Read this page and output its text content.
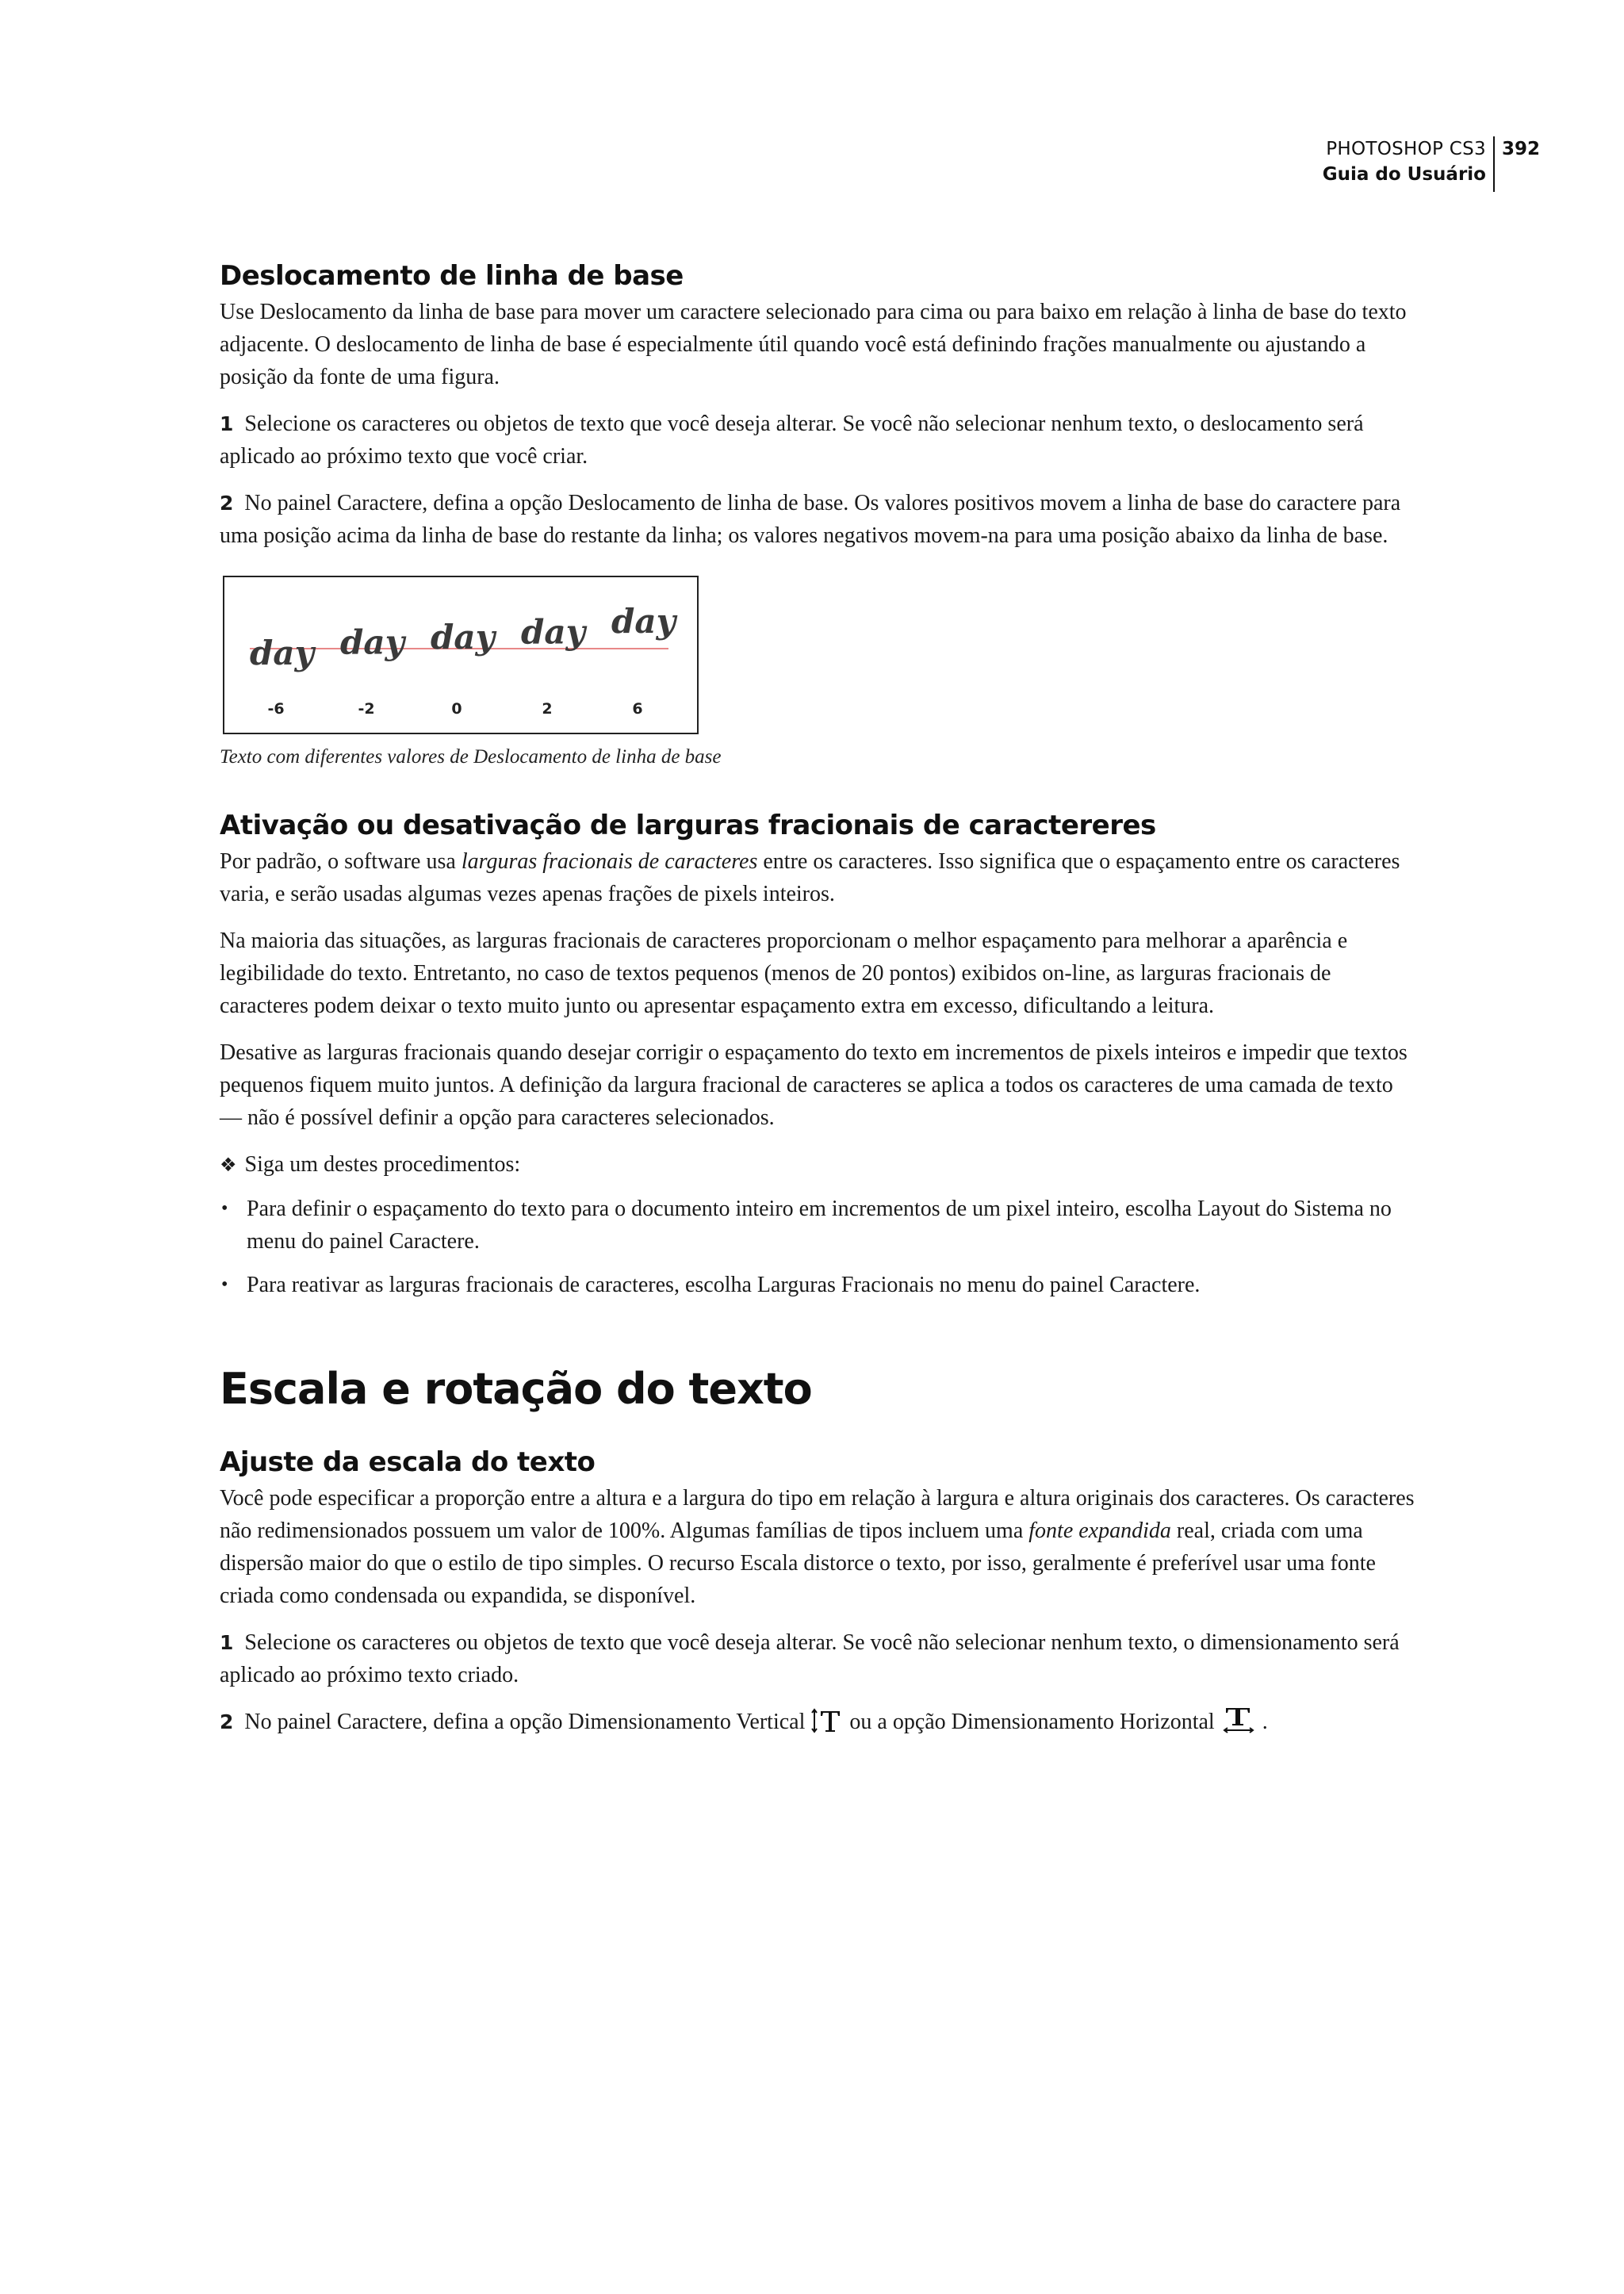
PHOTOSHOP CS3
Guia do Usuário
392
Deslocamento de linha de base

Use Deslocamento da linha de base para mover um caractere selecionado para cima ou para baixo em relação à linha de base do texto adjacente. O deslocamento de linha de base é especialmente útil quando você está definindo frações manualmente ou ajustando a posição da fonte de uma figura.

1 Selecione os caracteres ou objetos de texto que você deseja alterar. Se você não selecionar nenhum texto, o deslocamento será aplicado ao próximo texto que você criar.

2 No painel Caractere, defina a opção Deslocamento de linha de base. Os valores positivos movem a linha de base do caractere para uma posição acima da linha de base do restante da linha; os valores negativos movem-na para uma posição abaixo da linha de base.

day
-6
day
-2
day
0
day
2
day
6

Texto com diferentes valores de Deslocamento de linha de base

Ativação ou desativação de larguras fracionais de caractereres

Por padrão, o software usa larguras fracionais de caracteres entre os caracteres. Isso significa que o espaçamento entre os caracteres varia, e serão usadas algumas vezes apenas frações de pixels inteiros.

Na maioria das situações, as larguras fracionais de caracteres proporcionam o melhor espaçamento para melhorar a aparência e legibilidade do texto. Entretanto, no caso de textos pequenos (menos de 20 pontos) exibidos on-line, as larguras fracionais de caracteres podem deixar o texto muito junto ou apresentar espaçamento extra em excesso, dificultando a leitura.

Desative as larguras fracionais quando desejar corrigir o espaçamento do texto em incrementos de pixels inteiros e impedir que textos pequenos fiquem muito juntos. A definição da largura fracional de caracteres se aplica a todos os caracteres de uma camada de texto — não é possível definir a opção para caracteres selecionados.

❖ Siga um destes procedimentos:
• Para definir o espaçamento do texto para o documento inteiro em incrementos de um pixel inteiro, escolha Layout do Sistema no menu do painel Caractere.
• Para reativar as larguras fracionais de caracteres, escolha Larguras Fracionais no menu do painel Caractere.
Escala e rotação do texto
Ajuste da escala do texto

Você pode especificar a proporção entre a altura e a largura do tipo em relação à largura e altura originais dos caracteres. Os caracteres não redimensionados possuem um valor de 100%. Algumas famílias de tipos incluem uma fonte expandida real, criada com uma dispersão maior do que o estilo de tipo simples. O recurso Escala distorce o texto, por isso, geralmente é preferível usar uma fonte criada como condensada ou expandida, se disponível.

1 Selecione os caracteres ou objetos de texto que você deseja alterar. Se você não selecionar nenhum texto, o dimensionamento será aplicado ao próximo texto criado.

2 No painel Caractere, defina a opção Dimensionamento Vertical ou a opção Dimensionamento Horizontal .
